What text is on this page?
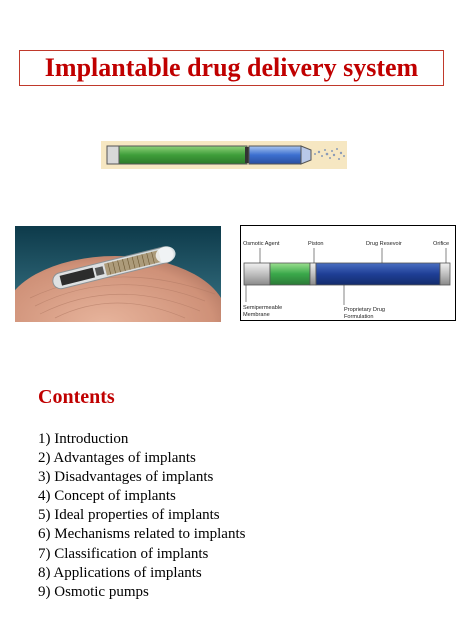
Implantable drug delivery system
Osmotic Agent	Piston	Drug Resevoir	Orifice
Semipermeable
Membrane
Proprietary Drug
Formulation
Contents
1) Introduction
2) Advantages of implants
3) Disadvantages of implants
4) Concept of implants
5) Ideal properties of implants
6) Mechanisms related to implants
7) Classification of implants
8) Applications of implants
9) Osmotic pumps
